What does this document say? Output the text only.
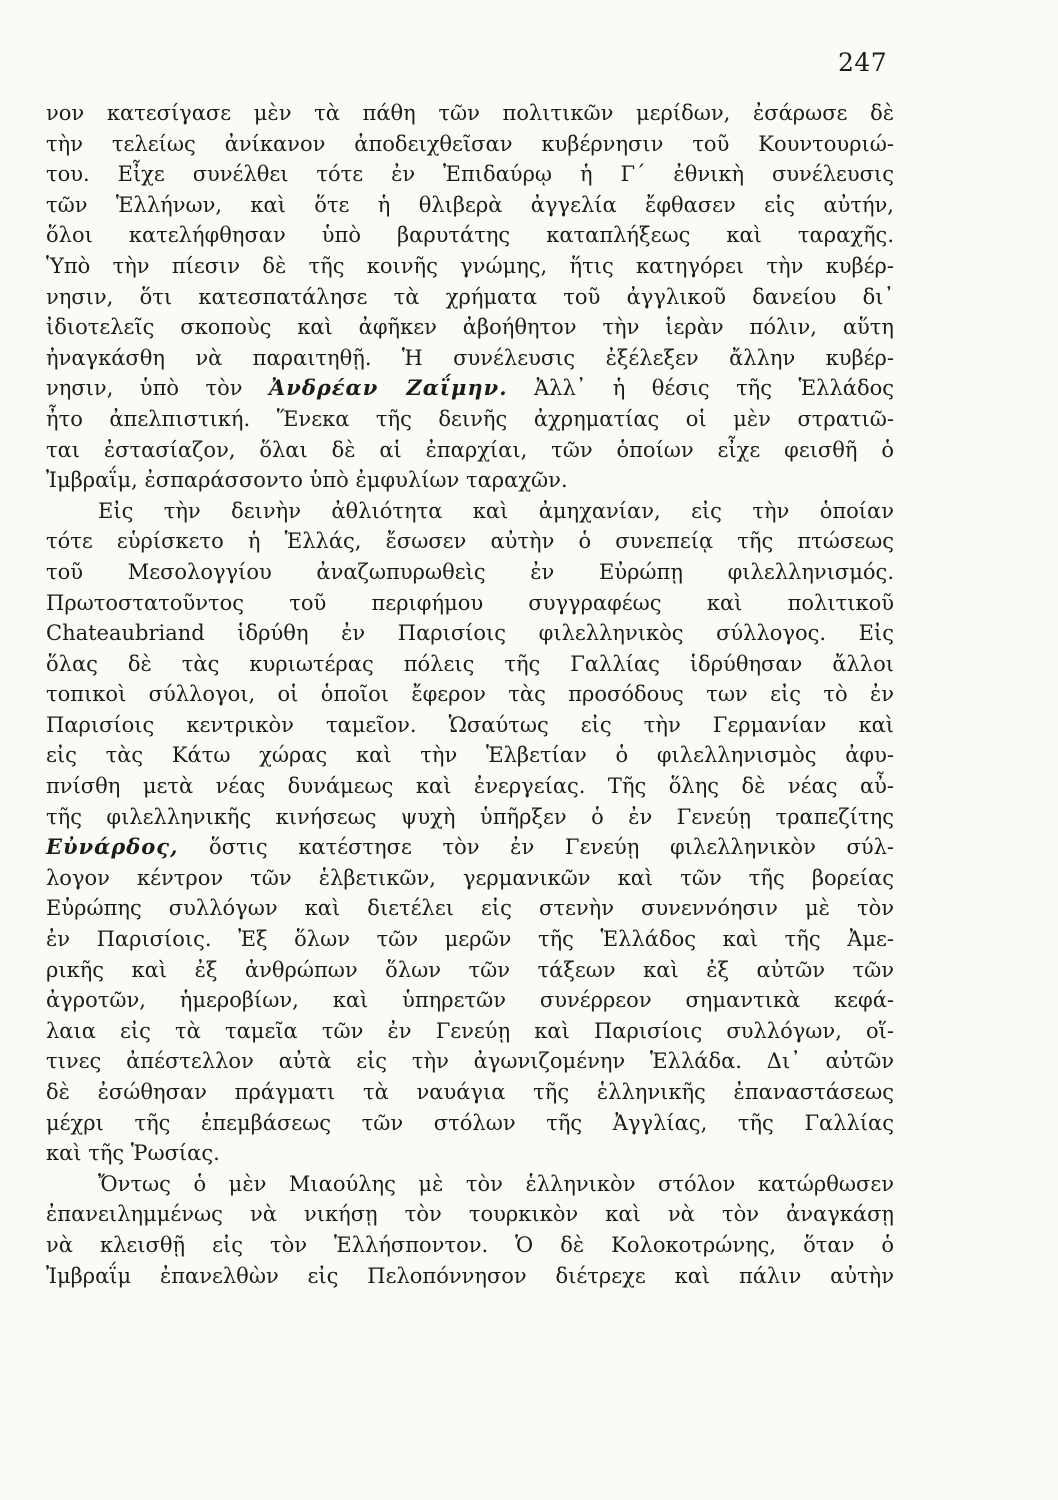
247
νον κατεσίγασε μὲν τὰ πάθη τῶν πολιτικῶν μερίδων, ἐσάρωσε δὲ
τὴν τελείως ἀνίκανον ἀποδειχθεῖσαν κυβέρνησιν τοῦ Κουντουριώ-
του. Εἶχε συνέλθει τότε ἐν Ἐπιδαύρῳ ἡ Γ΄ ἐθνικὴ συνέλευσις
τῶν Ἑλλήνων, καὶ ὅτε ἡ θλιβερὰ ἀγγελία ἔφθασεν εἰς αὐτήν,
ὅλοι κατελήφθησαν ὑπὸ βαρυτάτης καταπλήξεως καὶ ταραχῆς.
Ὑπὸ τὴν πίεσιν δὲ τῆς κοινῆς γνώμης, ἥτις κατηγόρει τὴν κυβέρ-
νησιν, ὅτι κατεσπατάλησε τὰ χρήματα τοῦ ἀγγλικοῦ δανείου δι᾽
ἰδιοτελεῖς σκοποὺς καὶ ἀφῆκεν ἀβοήθητον τὴν ἱερὰν πόλιν, αὕτη
ἠναγκάσθη νὰ παραιτηθῇ. Ἡ συνέλευσις ἐξέλεξεν ἄλλην κυβέρ-
νησιν, ὑπὸ τὸν Ἀνδρέαν Ζαΐμην. Ἀλλ᾽ ἡ θέσις τῆς Ἑλλάδος
ἦτο ἀπελπιστική. Ἕνεκα τῆς δεινῆς ἀχρηματίας οἱ μὲν στρατιῶ-
ται ἐστασίαζον, ὅλαι δὲ αἱ ἐπαρχίαι, τῶν ὁποίων εἶχε φεισθῆ ὁ
Ἰμβραΐμ, ἐσπαράσσοντο ὑπὸ ἐμφυλίων ταραχῶν.
Εἰς τὴν δεινὴν ἀθλιότητα καὶ ἀμηχανίαν, εἰς τὴν ὁποίαν
τότε εὑρίσκετο ἡ Ἑλλάς, ἔσωσεν αὐτὴν ὁ συνεπείᾳ τῆς πτώσεως
τοῦ Μεσολογγίου ἀναζωπυρωθεὶς ἐν Εὐρώπῃ φιλελληνισμός.
Πρωτοστατοῦντος τοῦ περιφήμου συγγραφέως καὶ πολιτικοῦ
Chateaubriand ἱδρύθη ἐν Παρισίοις φιλελληνικὸς σύλλογος. Εἰς
ὅλας δὲ τὰς κυριωτέρας πόλεις τῆς Γαλλίας ἱδρύθησαν ἄλλοι
τοπικοὶ σύλλογοι, οἱ ὁποῖοι ἔφερον τὰς προσόδους των εἰς τὸ ἐν
Παρισίοις κεντρικὸν ταμεῖον. Ὡσαύτως εἰς τὴν Γερμανίαν καὶ
εἰς τὰς Κάτω χώρας καὶ τὴν Ἑλβετίαν ὁ φιλελληνισμὸς ἀφυ-
πνίσθη μετὰ νέας δυνάμεως καὶ ἐνεργείας. Τῆς ὅλης δὲ νέας αὖ-
τῆς φιλελληνικῆς κινήσεως ψυχὴ ὑπῆρξεν ὁ ἐν Γενεύῃ τραπεζίτης
Εὐνάρδος, ὅστις κατέστησε τὸν ἐν Γενεύῃ φιλελληνικὸν σύλ-
λογον κέντρον τῶν ἑλβετικῶν, γερμανικῶν καὶ τῶν τῆς βορείας
Εὐρώπης συλλόγων καὶ διετέλει εἰς στενὴν συνεννόησιν μὲ τὸν
ἐν Παρισίοις. Ἐξ ὅλων τῶν μερῶν τῆς Ἑλλάδος καὶ τῆς Ἀμε-
ρικῆς καὶ ἐξ ἀνθρώπων ὅλων τῶν τάξεων καὶ ἐξ αὐτῶν τῶν
ἀγροτῶν, ἡμεροβίων, καὶ ὑπηρετῶν συνέρρεον σημαντικὰ κεφά-
λαια εἰς τὰ ταμεῖα τῶν ἐν Γενεύῃ καὶ Παρισίοις συλλόγων, οἵ-
τινες ἀπέστελλον αὐτὰ εἰς τὴν ἀγωνιζομένην Ἑλλάδα. Δι᾽ αὐτῶν
δὲ ἐσώθησαν πράγματι τὰ ναυάγια τῆς ἑλληνικῆς ἐπαναστάσεως
μέχρι τῆς ἐπεμβάσεως τῶν στόλων τῆς Ἀγγλίας, τῆς Γαλλίας
καὶ τῆς Ῥωσίας.
Ὄντως ὁ μὲν Μιαούλης μὲ τὸν ἑλληνικὸν στόλον κατώρθωσεν
ἐπανειλημμένως νὰ νικήσῃ τὸν τουρκικὸν καὶ νὰ τὸν ἀναγκάσῃ
νὰ κλεισθῇ εἰς τὸν Ἑλλήσποντον. Ὁ δὲ Κολοκοτρώνης, ὅταν ὁ
Ἰμβραΐμ ἐπανελθὼν εἰς Πελοπόννησον διέτρεχε καὶ πάλιν αὐτὴν
